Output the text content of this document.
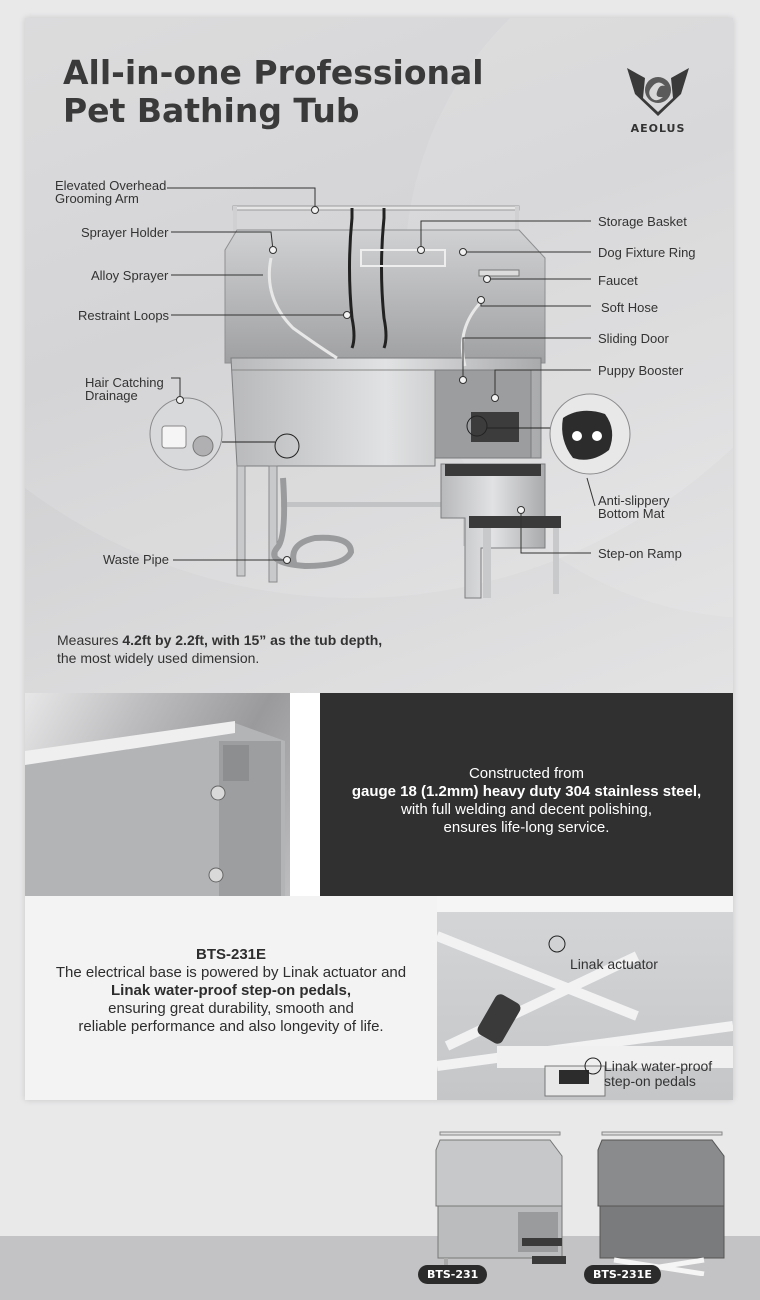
All-in-one Professional
Pet Bathing Tub	AEOLUS
Elevated Overhead
Grooming Arm
Sprayer Holder
Alloy Sprayer
Restraint Loops
Hair Catching
Drainage
Waste Pipe
Storage Basket
Dog Fixture Ring
Faucet
Soft Hose
Sliding Door
Puppy Booster
Anti-slippery
Bottom Mat
Step-on Ramp
Measures 4.2ft by 2.2ft, with 15” as the tub depth,
the most widely used dimension.
Constructed from
gauge 18 (1.2mm) heavy duty 304 stainless steel,
with full welding and decent polishing,
ensures life-long service.
BTS-231E
The electrical base is powered by Linak actuator and
Linak water-proof step-on pedals,
ensuring great durability, smooth and
reliable performance and also longevity of life.
Linak actuator
Linak water-proof
step-on pedals
BTS-231	BTS-231E
